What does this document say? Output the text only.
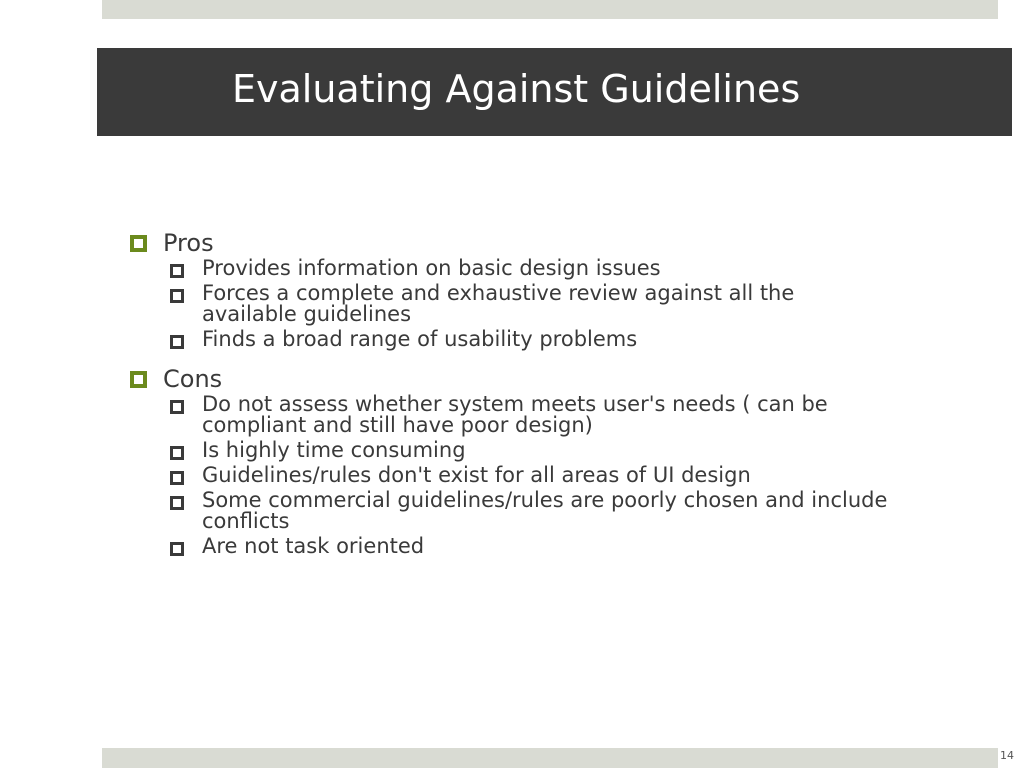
Evaluating Against Guidelines
Pros
Provides information on basic design issues
Forces a complete and exhaustive review against all the available guidelines
Finds a broad range of usability problems
Cons
Do not assess whether system meets user's needs ( can be compliant and still have poor design)
Is highly time consuming
Guidelines/rules don't exist for all areas of UI design
Some commercial guidelines/rules are poorly chosen and include conflicts
Are not task oriented
14
